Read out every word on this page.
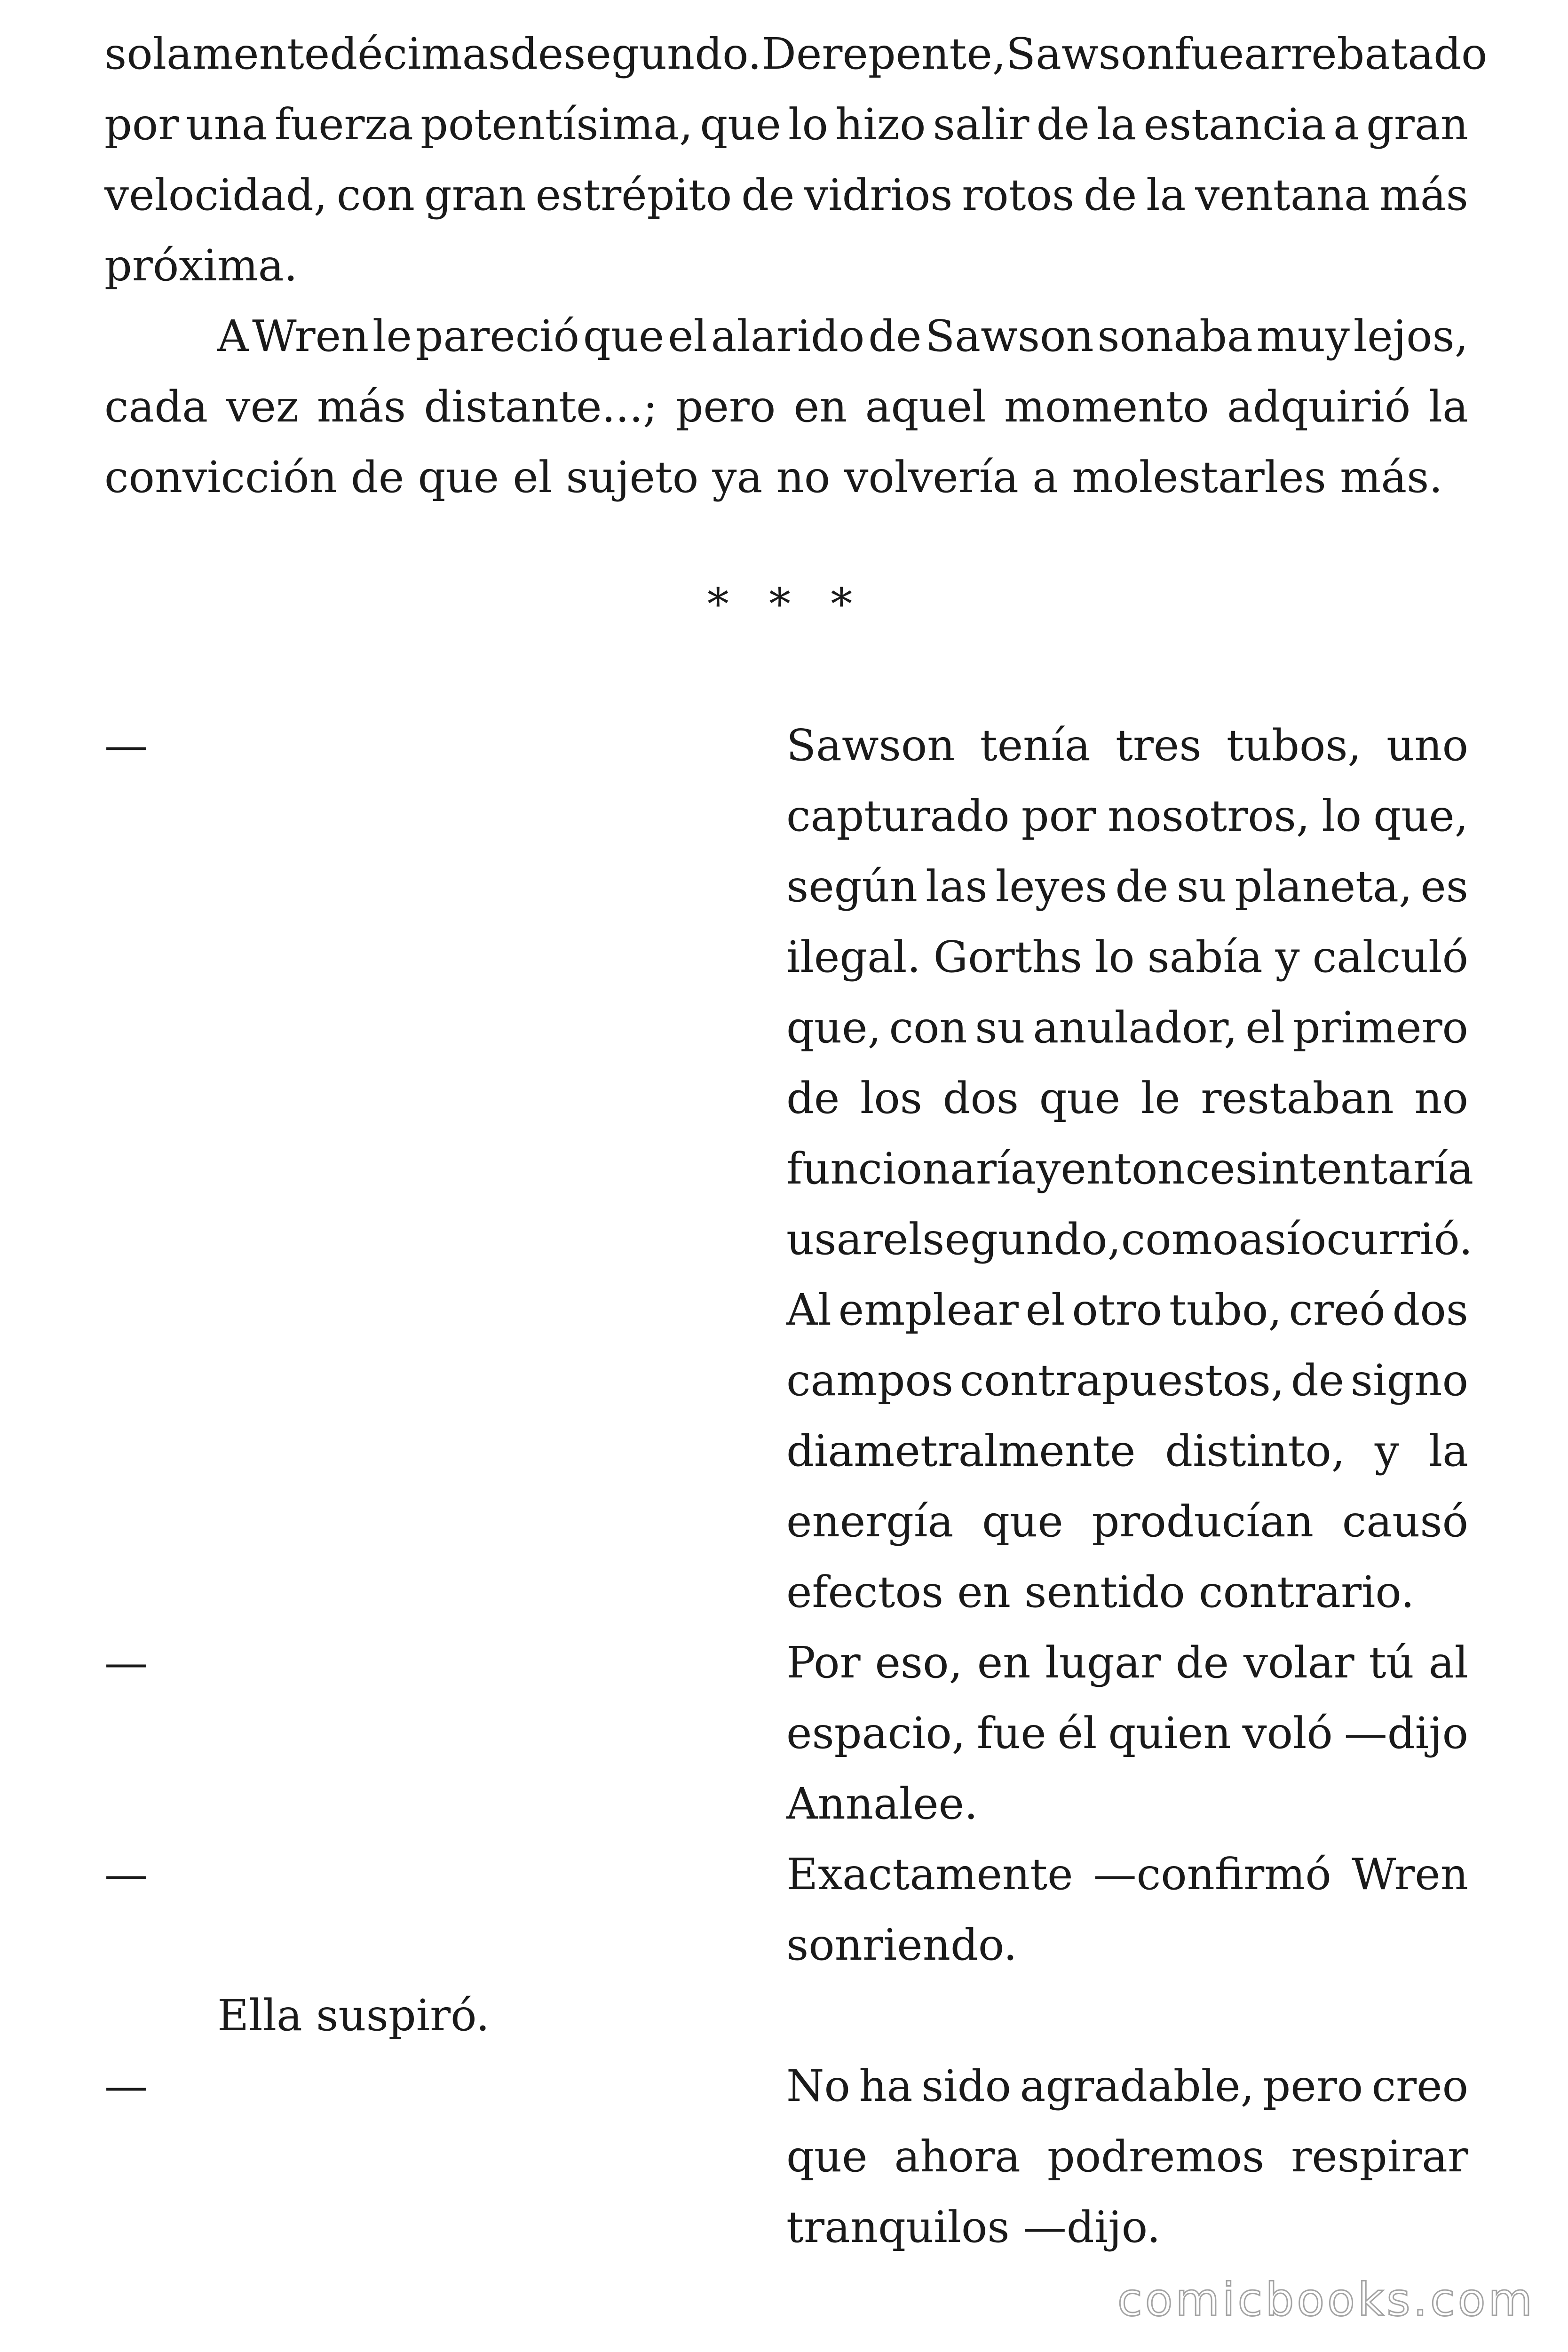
solamente décimas de segundo. De repente, Sawson fue arrebatado
por una fuerza potentísima, que lo hizo salir de la estancia a gran
velocidad, con gran estrépito de vidrios rotos de la ventana más
próxima.
A Wren le pareció que el alarido de Sawson sonaba muy lejos,
cada vez más distante...; pero en aquel momento adquirió la
convicción de que el sujeto ya no volvería a molestarles más.
* * *
—	Sawson tenía tres tubos, uno
capturado por nosotros, lo que,
según las leyes de su planeta, es
ilegal. Gorths lo sabía y calculó
que, con su anulador, el primero
de los dos que le restaban no
funcionaría y entonces intentaría
usar el segundo, como así ocurrió.
Al emplear el otro tubo, creó dos
campos contrapuestos, de signo
diametralmente distinto, y la
energía que producían causó
efectos en sentido contrario.
—	Por eso, en lugar de volar tú al
espacio, fue él quien voló —dijo
Annalee.
—	Exactamente —confirmó Wren
sonriendo.
Ella suspiró.
—	No ha sido agradable, pero creo
que ahora podremos respirar
tranquilos —dijo.
comicbooks.com
